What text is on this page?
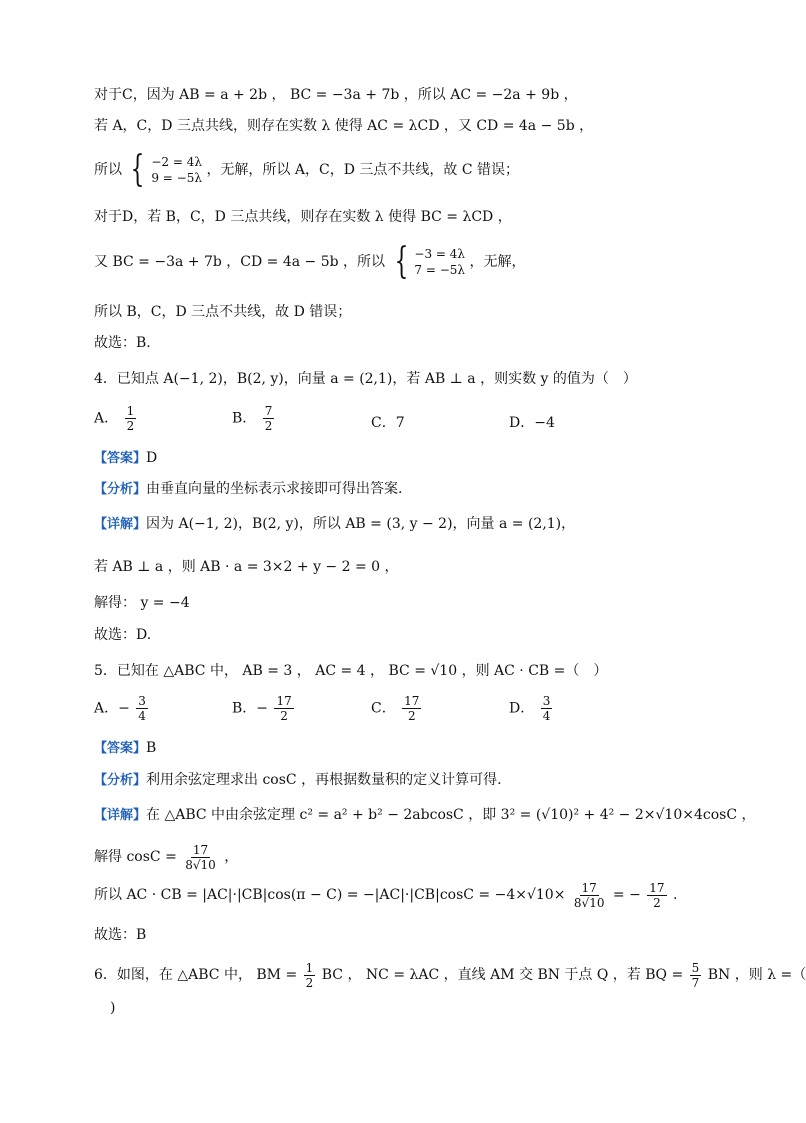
对于C，因为 AB = a + 2b ， BC = −3a + 7b ，所以 AC = −2a + 9b ，
若 A，C，D 三点共线，则存在实数 λ 使得 AC = λCD ，又 CD = 4a − 5b ，
所以 { −2 = 4λ
9 = −5λ ，无解，所以 A，C，D 三点不共线，故 C 错误；
对于D，若 B，C，D 三点共线，则存在实数 λ 使得 BC = λCD ，
又 BC = −3a + 7b ，CD = 4a − 5b ，所以 { −3 = 4λ
7 = −5λ ，无解，
所以 B，C，D 三点不共线，故 D 错误；
故选：B.
4．已知点 A(−1, 2)，B(2, y)，向量 a = (2,1)，若 AB ⊥ a ，则实数 y 的值为（　）
A． $\frac{1}{2}$	B． $\frac{7}{2}$	C．7	D．−4
【答案】D
【分析】由垂直向量的坐标表示求接即可得出答案.
【详解】因为 A(−1, 2)，B(2, y)，所以 AB = (3, y − 2)，向量 a = (2,1)，
若 AB ⊥ a ，则 AB · a = 3×2 + y − 2 = 0 ，
解得： y = −4
故选：D.
5．已知在 △ABC 中， AB = 3 ， AC = 4 ， BC = √10 ，则 AC · CB =（　）
A．− $\frac{3}{4}$	B．− $\frac{17}{2}$	C． $\frac{17}{2}$	D． $\frac{3}{4}$
【答案】B
【分析】利用余弦定理求出 cosC ，再根据数量积的定义计算可得.
【详解】在 △ABC 中由余弦定理 c² = a² + b² − 2abcosC ，即 3² = (√10)² + 4² − 2×√10×4cosC ，
解得 $\cos C = \frac{17}{8√10}$ ，
所以 AC · CB = $|AC|\cdot|CB|\cos(\pi - C) = -|AC|\cdot|CB|\cos C = -4\times√10\times \frac{17}{8√10}$ = − $\frac{17}{2}$ .
故选：B
6．如图，在 △ABC 中， BM = $\frac{1}{2}$ BC ， NC = λAC ，直线 AM 交 BN 于点 Q ，若 BQ = $\frac{5}{7}$ BN ，则 λ =（
)
